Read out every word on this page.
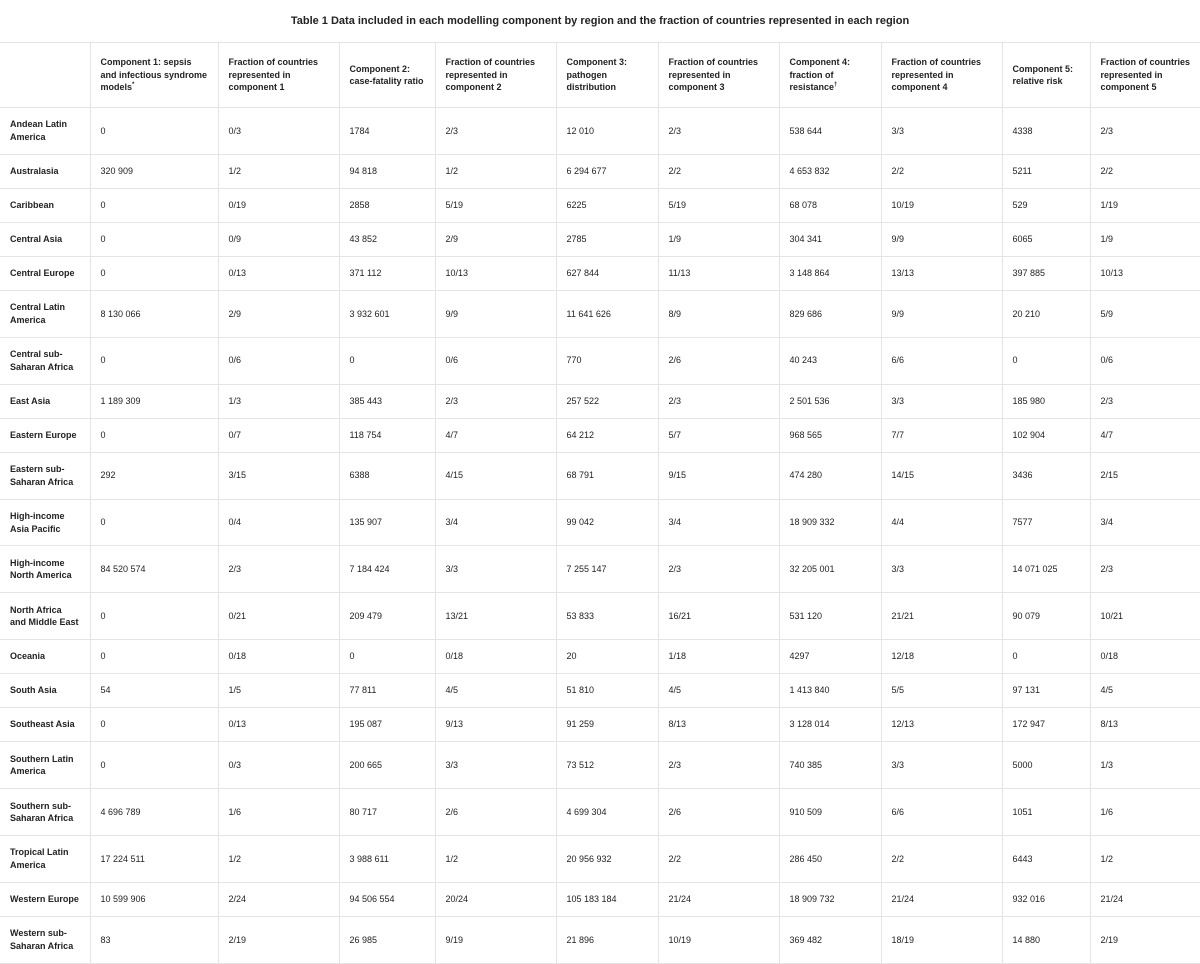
Table 1 Data included in each modelling component by region and the fraction of countries represented in each region
	Component 1: sepsis and infectious syndrome models*	Fraction of countries represented in component 1	Component 2: case-fatality ratio	Fraction of countries represented in component 2	Component 3: pathogen distribution	Fraction of countries represented in component 3	Component 4: fraction of resistance†	Fraction of countries represented in component 4	Component 5: relative risk	Fraction of countries represented in component 5
Andean Latin America	0	0/3	1784	2/3	12 010	2/3	538 644	3/3	4338	2/3
Australasia	320 909	1/2	94 818	1/2	6 294 677	2/2	4 653 832	2/2	5211	2/2
Caribbean	0	0/19	2858	5/19	6225	5/19	68 078	10/19	529	1/19
Central Asia	0	0/9	43 852	2/9	2785	1/9	304 341	9/9	6065	1/9
Central Europe	0	0/13	371 112	10/13	627 844	11/13	3 148 864	13/13	397 885	10/13
Central Latin America	8 130 066	2/9	3 932 601	9/9	11 641 626	8/9	829 686	9/9	20 210	5/9
Central sub-Saharan Africa	0	0/6	0	0/6	770	2/6	40 243	6/6	0	0/6
East Asia	1 189 309	1/3	385 443	2/3	257 522	2/3	2 501 536	3/3	185 980	2/3
Eastern Europe	0	0/7	118 754	4/7	64 212	5/7	968 565	7/7	102 904	4/7
Eastern sub-Saharan Africa	292	3/15	6388	4/15	68 791	9/15	474 280	14/15	3436	2/15
High-income Asia Pacific	0	0/4	135 907	3/4	99 042	3/4	18 909 332	4/4	7577	3/4
High-income North America	84 520 574	2/3	7 184 424	3/3	7 255 147	2/3	32 205 001	3/3	14 071 025	2/3
North Africa and Middle East	0	0/21	209 479	13/21	53 833	16/21	531 120	21/21	90 079	10/21
Oceania	0	0/18	0	0/18	20	1/18	4297	12/18	0	0/18
South Asia	54	1/5	77 811	4/5	51 810	4/5	1 413 840	5/5	97 131	4/5
Southeast Asia	0	0/13	195 087	9/13	91 259	8/13	3 128 014	12/13	172 947	8/13
Southern Latin America	0	0/3	200 665	3/3	73 512	2/3	740 385	3/3	5000	1/3
Southern sub-Saharan Africa	4 696 789	1/6	80 717	2/6	4 699 304	2/6	910 509	6/6	1051	1/6
Tropical Latin America	17 224 511	1/2	3 988 611	1/2	20 956 932	2/2	286 450	2/2	6443	1/2
Western Europe	10 599 906	2/24	94 506 554	20/24	105 183 184	21/24	18 909 732	21/24	932 016	21/24
Western sub-Saharan Africa	83	2/19	26 985	9/19	21 896	10/19	369 482	18/19	14 880	2/19
